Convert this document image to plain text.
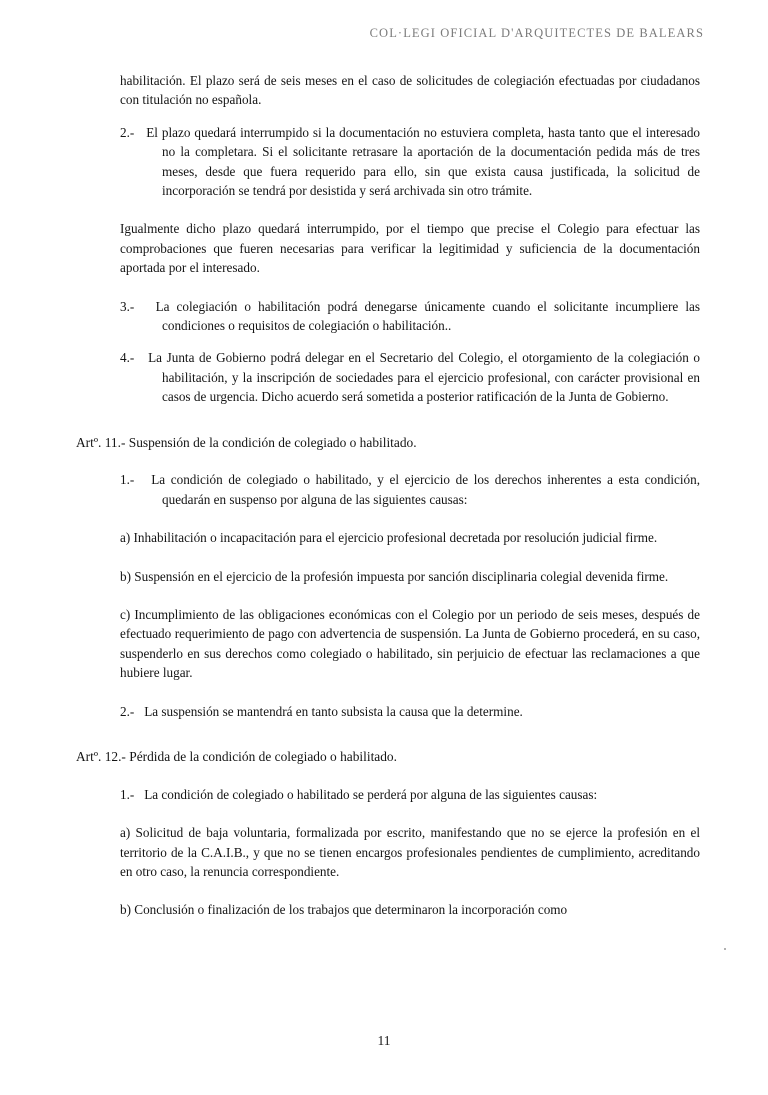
COL·LEGI OFICIAL D'ARQUITECTES DE BALEARS

habilitación. El plazo será de seis meses en el caso de solicitudes de colegiación efectuadas por ciudadanos con titulación no española.

2.- El plazo quedará interrumpido si la documentación no estuviera completa, hasta tanto que el interesado no la completara. Si el solicitante retrasare la aportación de la documentación pedida más de tres meses, desde que fuera requerido para ello, sin que exista causa justificada, la solicitud de incorporación se tendrá por desistida y será archivada sin otro trámite.

Igualmente dicho plazo quedará interrumpido, por el tiempo que precise el Colegio para efectuar las comprobaciones que fueren necesarias para verificar la legitimidad y suficiencia de la documentación aportada por el interesado.

3.- La colegiación o habilitación podrá denegarse únicamente cuando el solicitante incumpliere las condiciones o requisitos de colegiación o habilitación..

4.- La Junta de Gobierno podrá delegar en el Secretario del Colegio, el otorgamiento de la colegiación o habilitación, y la inscripción de sociedades para el ejercicio profesional, con carácter provisional en casos de urgencia. Dicho acuerdo será sometida a posterior ratificación de la Junta de Gobierno.

Artº. 11.- Suspensión de la condición de colegiado o habilitado.

1.- La condición de colegiado o habilitado, y el ejercicio de los derechos inherentes a esta condición, quedarán en suspenso por alguna de las siguientes causas:

a) Inhabilitación o incapacitación para el ejercicio profesional decretada por resolución judicial firme.

b) Suspensión en el ejercicio de la profesión impuesta por sanción disciplinaria colegial devenida firme.

c) Incumplimiento de las obligaciones económicas con el Colegio por un periodo de seis meses, después de efectuado requerimiento de pago con advertencia de suspensión. La Junta de Gobierno procederá, en su caso, suspenderlo en sus derechos como colegiado o habilitado, sin perjuicio de efectuar las reclamaciones a que hubiere lugar.

2.- La suspensión se mantendrá en tanto subsista la causa que la determine.

Artº. 12.- Pérdida de la condición de colegiado o habilitado.

1.- La condición de colegiado o habilitado se perderá por alguna de las siguientes causas:

a) Solicitud de baja voluntaria, formalizada por escrito, manifestando que no se ejerce la profesión en el territorio de la C.A.I.B., y que no se tienen encargos profesionales pendientes de cumplimiento, acreditando en otro caso, la renuncia correspondiente.

b) Conclusión o finalización de los trabajos que determinaron la incorporación como

11
